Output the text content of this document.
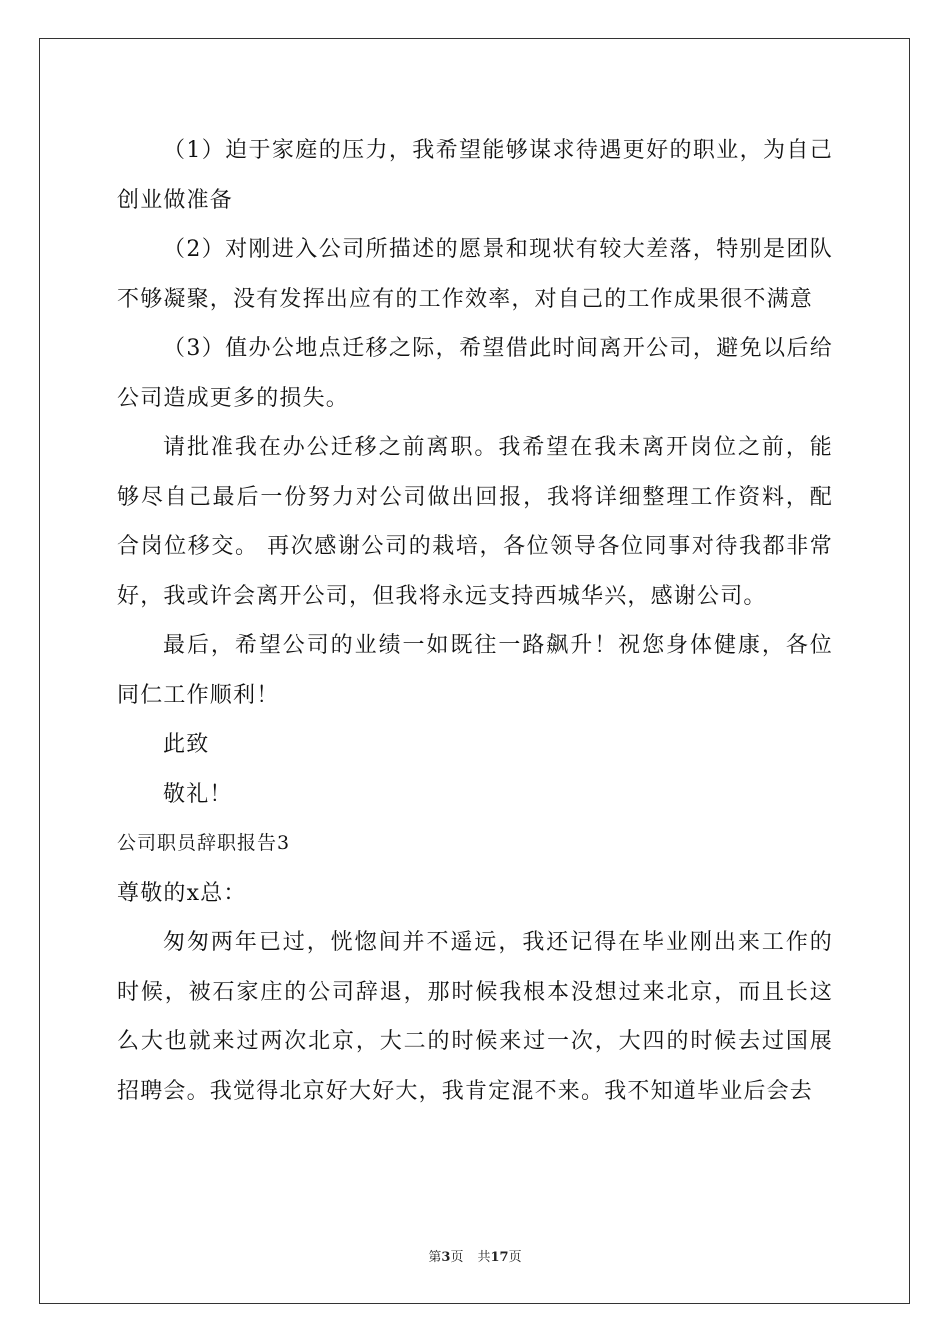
（1）迫于家庭的压力，我希望能够谋求待遇更好的职业，为自己创业做准备

（2）对刚进入公司所描述的愿景和现状有较大差落，特别是团队不够凝聚，没有发挥出应有的工作效率，对自己的工作成果很不满意

（3）值办公地点迁移之际，希望借此时间离开公司，避免以后给公司造成更多的损失。

请批准我在办公迁移之前离职。我希望在我未离开岗位之前，能够尽自己最后一份努力对公司做出回报，我将详细整理工作资料，配合岗位移交。 再次感谢公司的栽培，各位领导各位同事对待我都非常好，我或许会离开公司，但我将永远支持西城华兴，感谢公司。

最后，希望公司的业绩一如既往一路飙升！祝您身体健康，各位同仁工作顺利！

此致

敬礼！

公司职员辞职报告3

尊敬的x总：

匆匆两年已过，恍惚间并不遥远，我还记得在毕业刚出来工作的时候，被石家庄的公司辞退，那时候我根本没想过来北京，而且长这么大也就来过两次北京，大二的时候来过一次，大四的时候去过国展招聘会。我觉得北京好大好大，我肯定混不来。我不知道毕业后会去

第3页 共17页
